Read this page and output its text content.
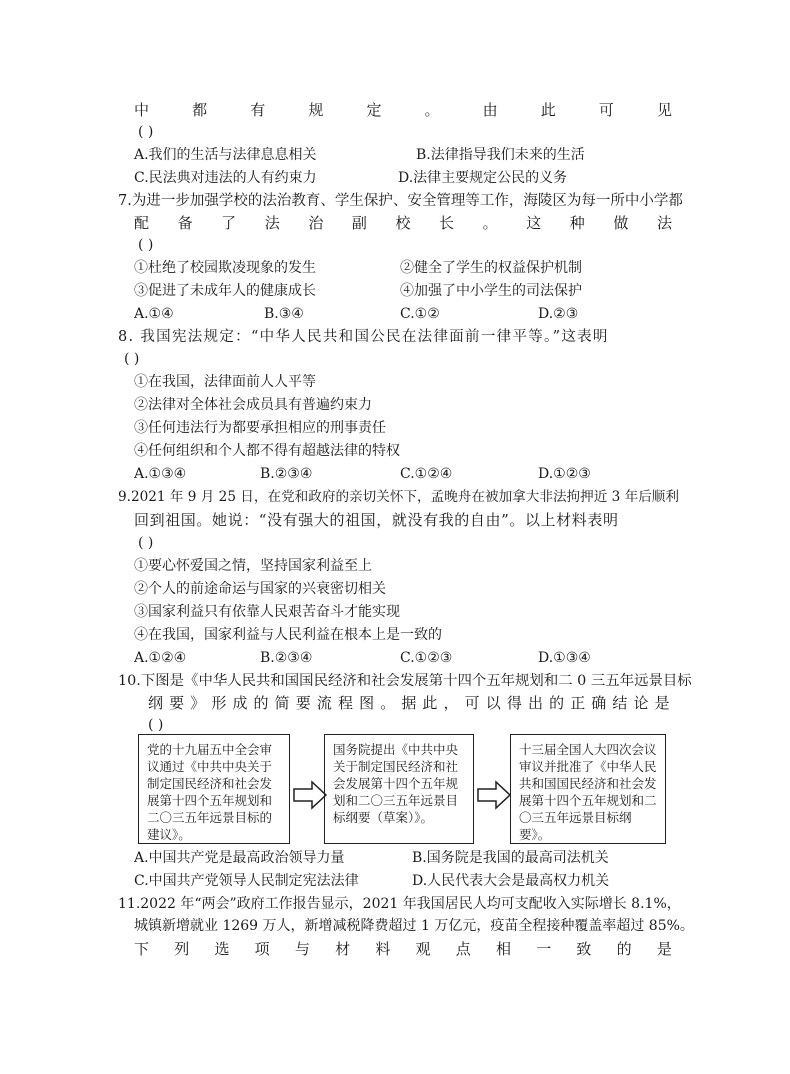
中	都	有	规	定	。	由	此	可	见
( )
A.我们的生活与法律息息相关	B.法律指导我们未来的生活
C.民法典对违法的人有约束力	D.法律主要规定公民的义务
7.为进一步加强学校的法治教育、学生保护、安全管理等工作，海陵区为每一所中小学都
配 备 了 法 治 副 校 长 。 这 种 做 法
( )
①杜绝了校园欺凌现象的发生	②健全了学生的权益保护机制
③促进了未成年人的健康成长	④加强了中小学生的司法保护
A.①④	B.③④	C.①②	D.②③
8. 我国宪法规定：“中华人民共和国公民在法律面前一律平等。”这表明
( )
①在我国，法律面前人人平等
②法律对全体社会成员具有普遍约束力
③任何违法行为都要承担相应的刑事责任
④任何组织和个人都不得有超越法律的特权
A.①③④	B.②③④	C.①②④	D.①②③
9.2021 年 9 月 25 日，在党和政府的亲切关怀下，孟晚舟在被加拿大非法拘押近 3 年后顺利
回到祖国。她说：“没有强大的祖国，就没有我的自由”。以上材料表明
( )
①要心怀爱国之情，坚持国家利益至上
②个人的前途命运与国家的兴衰密切相关
③国家利益只有依靠人民艰苦奋斗才能实现
④在我国，国家利益与人民利益在根本上是一致的
A.①②④	B.②③④	C.①②③	D.①③④
10.下图是《中华人民共和国国民经济和社会发展第十四个五年规划和二 0 三五年远景目标
纲 要 》 形 成 的 简 要 流 程 图 。 据 此 ， 可 以 得 出 的 正 确 结 论 是
( )
党的十九届五中全会审议通过《中共中央关于制定国民经济和社会发展第十四个五年规划和二〇三五年远景目标的建议》。
国务院提出《中共中央关于制定国民经济和社会发展第十四个五年规划和二〇三五年远景目标纲要（草案）》。
十三届全国人大四次会议审议并批准了《中华人民共和国国民经济和社会发展第十四个五年规划和二〇三五年远景目标纲要》。
A.中国共产党是最高政治领导力量	B.国务院是我国的最高司法机关
C.中国共产党领导人民制定宪法法律	D.人民代表大会是最高权力机关
11.2022 年“两会”政府工作报告显示，2021 年我国居民人均可支配收入实际增长 8.1%，
城镇新增就业 1269 万人，新增减税降费超过 1 万亿元，疫苗全程接种覆盖率超过 85%。
下 列 选 项 与 材 料 观 点 相 一 致 的 是
